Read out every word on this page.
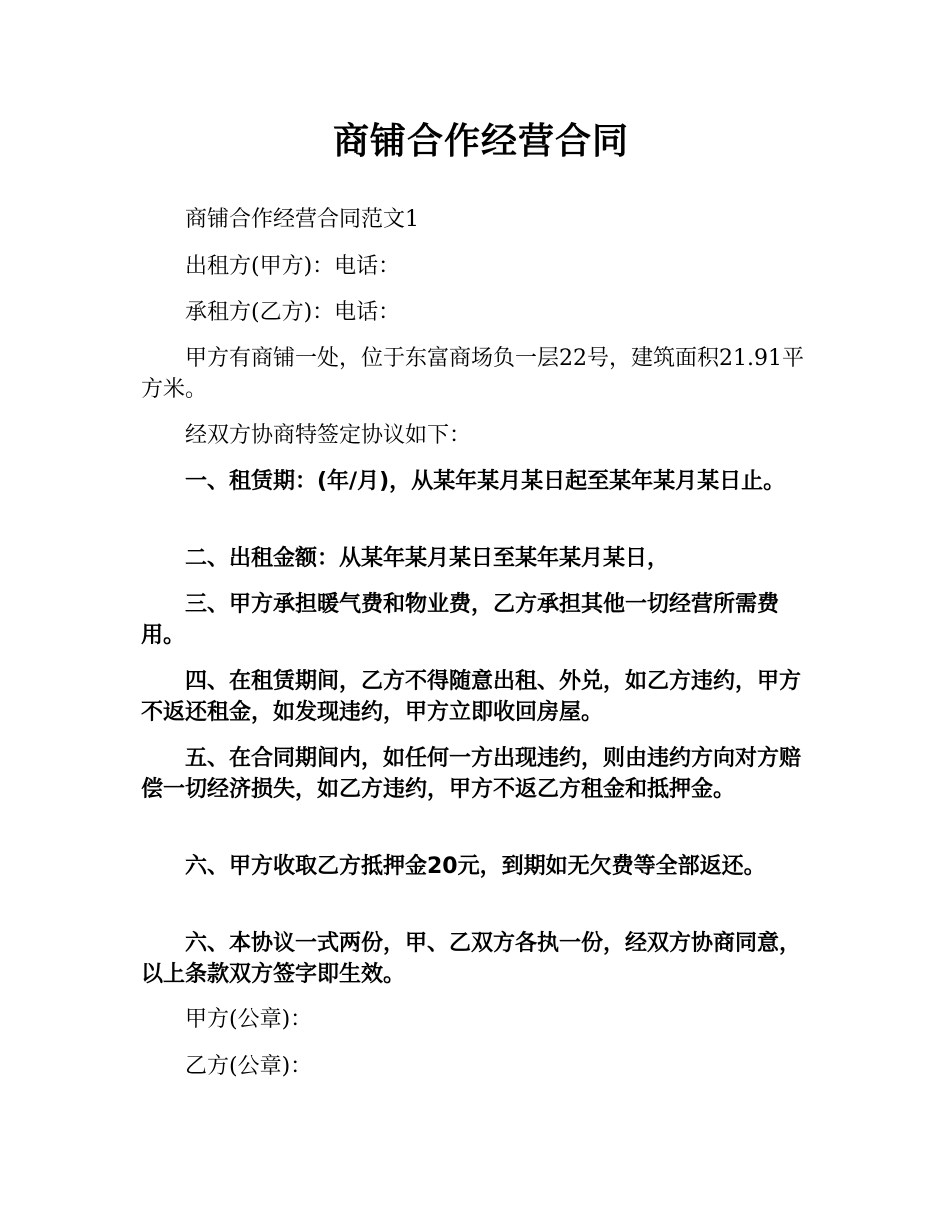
商铺合作经营合同

商铺合作经营合同范文1

出租方(甲方)：电话：

承租方(乙方)：电话：

甲方有商铺一处，位于东富商场负一层22号，建筑面积21.91平方米。

经双方协商特签定协议如下：

一、租赁期：(年/月)，从某年某月某日起至某年某月某日止。

二、出租金额：从某年某月某日至某年某月某日，

三、甲方承担暖气费和物业费，乙方承担其他一切经营所需费用。

四、在租赁期间，乙方不得随意出租、外兑，如乙方违约，甲方不返还租金，如发现违约，甲方立即收回房屋。

五、在合同期间内，如任何一方出现违约，则由违约方向对方赔偿一切经济损失，如乙方违约，甲方不返乙方租金和抵押金。

六、甲方收取乙方抵押金20元，到期如无欠费等全部返还。

六、本协议一式两份，甲、乙双方各执一份，经双方协商同意，以上条款双方签字即生效。

甲方(公章)：

乙方(公章)：
